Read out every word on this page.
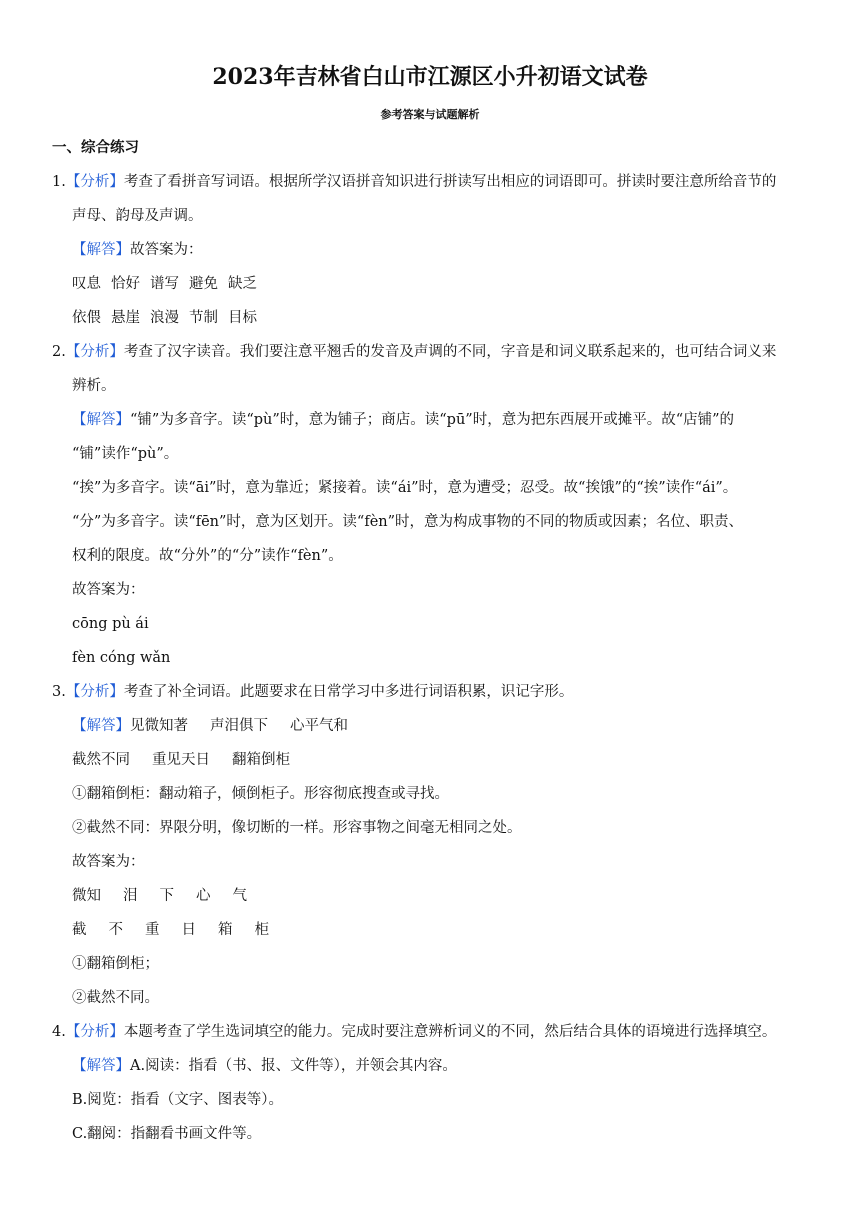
2023年吉林省白山市江源区小升初语文试卷
参考答案与试题解析
一、综合练习
1.【分析】考查了看拼音写词语。根据所学汉语拼音知识进行拼读写出相应的词语即可。拼读时要注意所给音节的
声母、韵母及声调。
【解答】故答案为：
叹息 恰好 谱写 避免 缺乏
依偎 悬崖 浪漫 节制 目标
2.【分析】考查了汉字读音。我们要注意平翘舌的发音及声调的不同，字音是和词义联系起来的，也可结合词义来
辨析。
【解答】“铺”为多音字。读“pù”时，意为铺子；商店。读“pū”时，意为把东西展开或摊平。故“店铺”的
“铺”读作“pù”。
“挨”为多音字。读“āi”时，意为靠近；紧接着。读“ái”时，意为遭受；忍受。故“挨饿”的“挨”读作“ái”。
“分”为多音字。读“fēn”时，意为区划开。读“fèn”时，意为构成事物的不同的物质或因素；名位、职责、
权利的限度。故“分外”的“分”读作“fèn”。
故答案为：
cōng pù ái
fèn cóng wǎn
3.【分析】考查了补全词语。此题要求在日常学习中多进行词语积累，识记字形。
【解答】见微知著 声泪俱下 心平气和
截然不同 重见天日 翻箱倒柜
①翻箱倒柜：翻动箱子，倾倒柜子。形容彻底搜查或寻找。
②截然不同：界限分明，像切断的一样。形容事物之间毫无相同之处。
故答案为：
微知 泪 下 心 气
截 不 重 日 箱 柜
①翻箱倒柜；
②截然不同。
4.【分析】本题考查了学生选词填空的能力。完成时要注意辨析词义的不同，然后结合具体的语境进行选择填空。
【解答】A.阅读：指看（书、报、文件等），并领会其内容。
B.阅览：指看（文字、图表等）。
C.翻阅：指翻看书画文件等。
